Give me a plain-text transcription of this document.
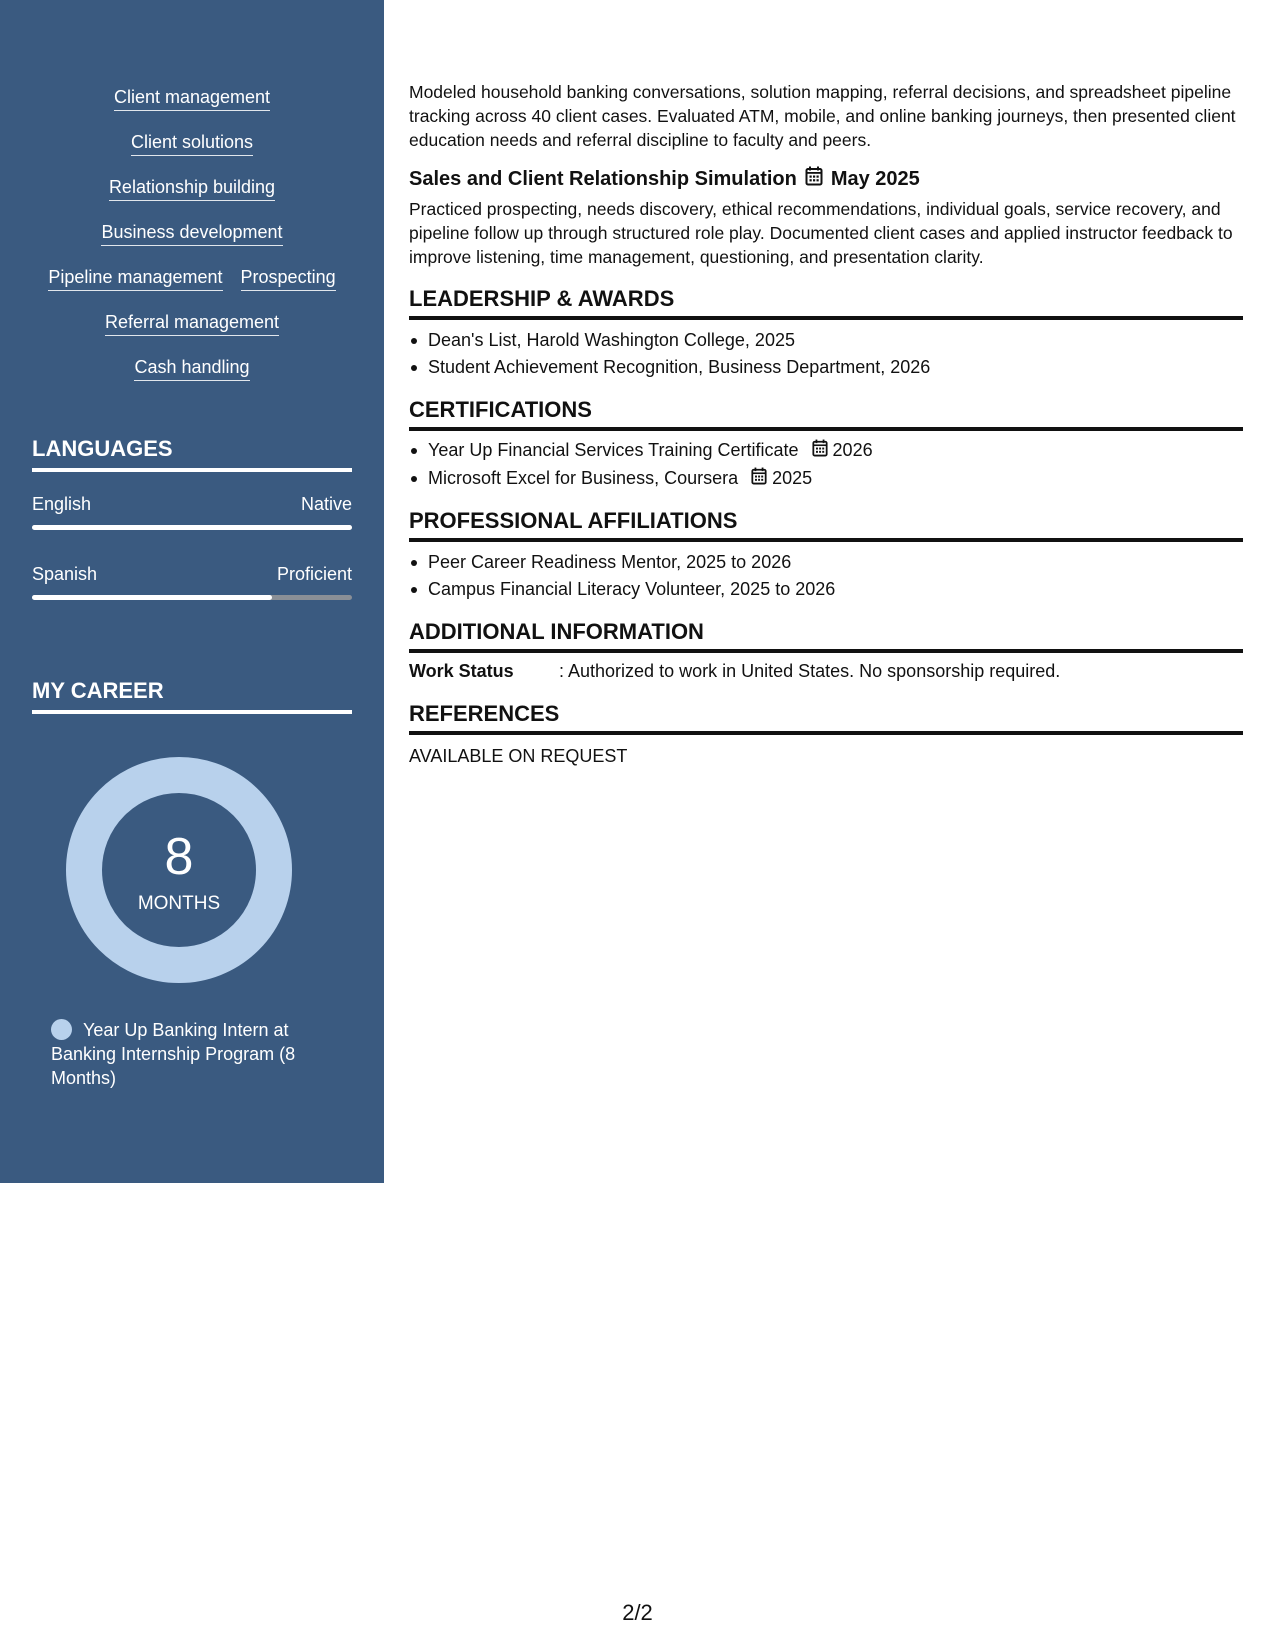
Client management
Client solutions
Relationship building
Business development
Pipeline management Prospecting
Referral management
Cash handling
LANGUAGES
English	Native
Spanish	Proficient
MY CAREER
8
MONTHS
Year Up Banking Intern at Banking Internship Program (8 Months)

Modeled household banking conversations, solution mapping, referral decisions, and spreadsheet pipeline tracking across 40 client cases. Evaluated ATM, mobile, and online banking journeys, then presented client education needs and referral discipline to faculty and peers.

Sales and Client Relationship Simulation May 2025

Practiced prospecting, needs discovery, ethical recommendations, individual goals, service recovery, and pipeline follow up through structured role play. Documented client cases and applied instructor feedback to improve listening, time management, questioning, and presentation clarity.

LEADERSHIP & AWARDS
Dean's List, Harold Washington College, 2025
Student Achievement Recognition, Business Department, 2026
CERTIFICATIONS
Year Up Financial Services Training Certificate 2026
Microsoft Excel for Business, Coursera 2025
PROFESSIONAL AFFILIATIONS
Peer Career Readiness Mentor, 2025 to 2026
Campus Financial Literacy Volunteer, 2025 to 2026
ADDITIONAL INFORMATION
Work Status	: Authorized to work in United States. No sponsorship required.
REFERENCES
AVAILABLE ON REQUEST
2/2
